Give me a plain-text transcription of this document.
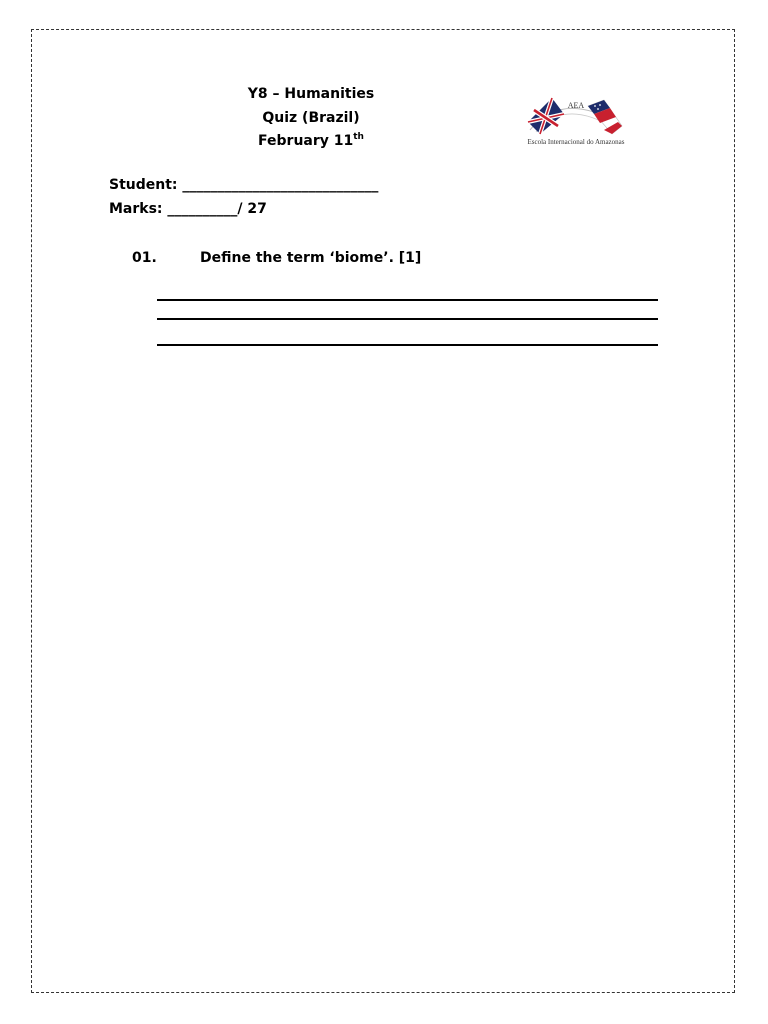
Y8 – Humanities
Quiz (Brazil)
February 11th
AEA
Escola Internacional do Amazonas
Student: ____________________________
Marks: __________/ 27
01.	Define the term ‘biome’. [1]
